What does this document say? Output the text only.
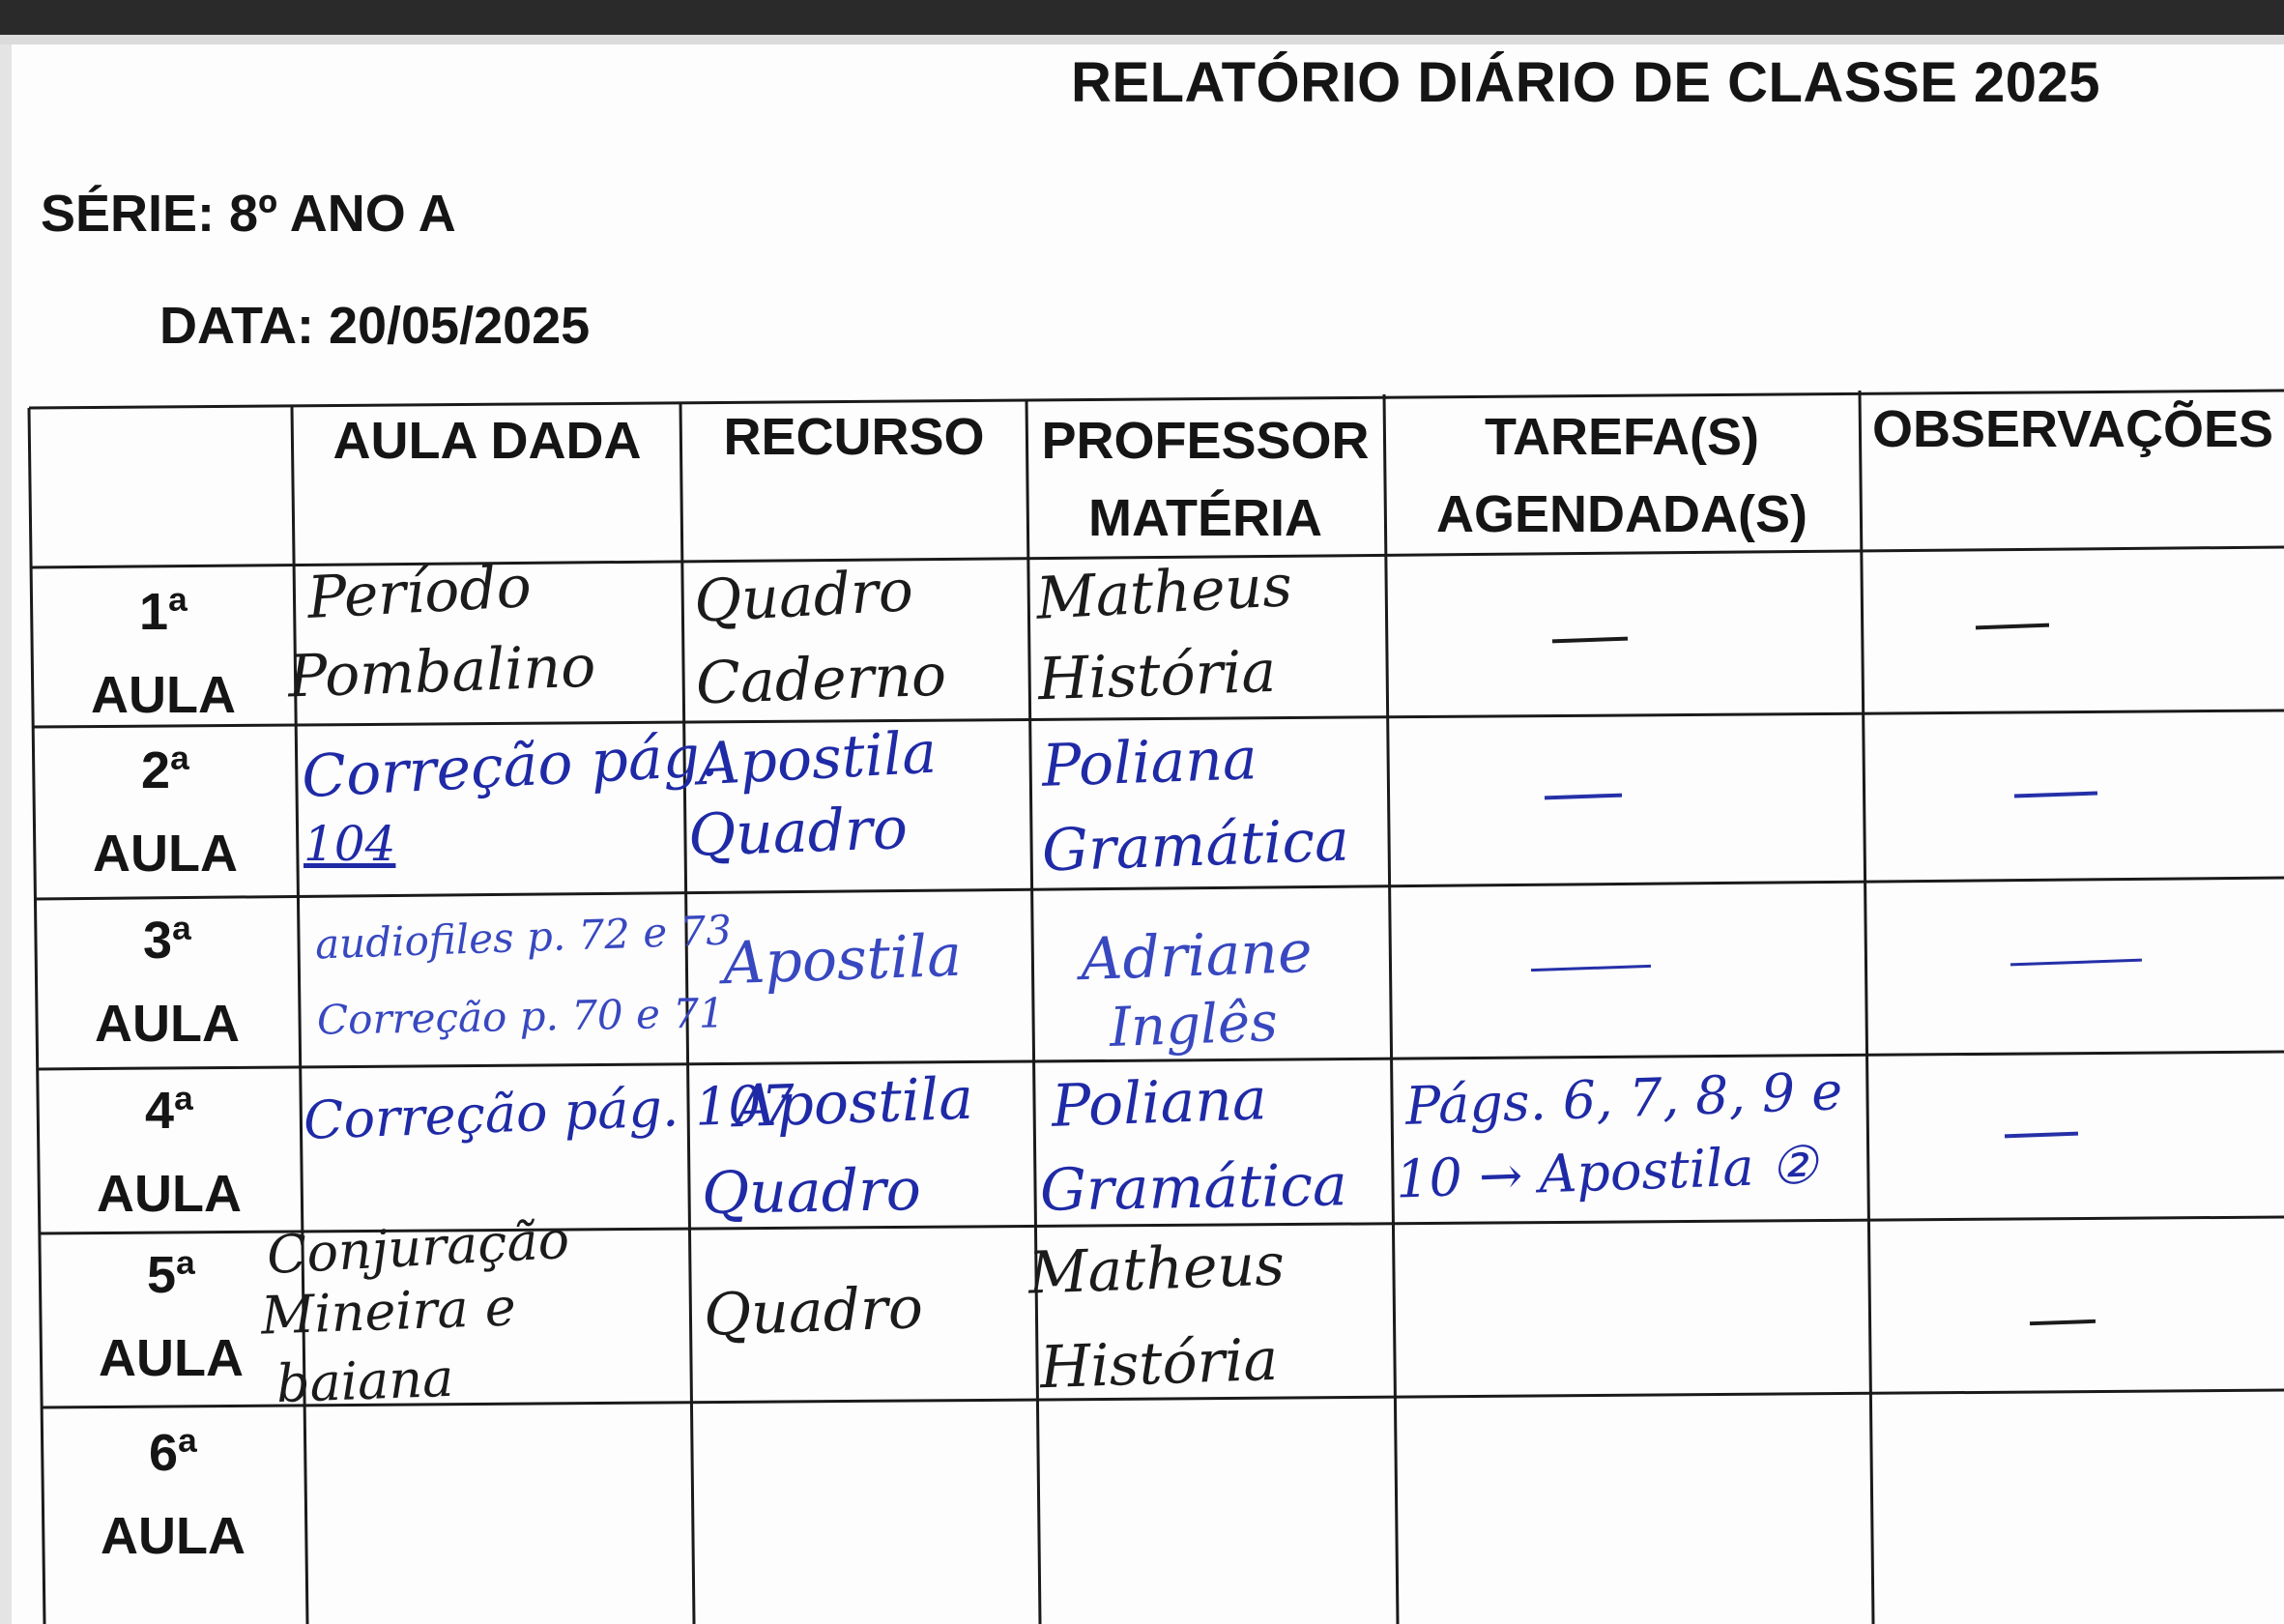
RELATÓRIO DIÁRIO DE CLASSE 2025
SÉRIE: 8º ANO A
DATA: 20/05/2025
AULA DADA RECURSO PROFESSOR
MATÉRIA
TAREFA(S)
AGENDADA(S)
OBSERVAÇÕES
1ª
AULA
2ª
AULA
3ª
AULA
4ª
AULA
5ª
AULA
6ª
AULA
Período
Pombalino
Quadro
Caderno
Matheus
História
Correção pág.
104
Apostila
Quadro
Poliana
Gramática
audiofiles p. 72 e 73
Correção p. 70 e 71
Apostila Adriane
Inglês
Correção pág. 107
Apostila
Quadro
Poliana
Gramática
Págs. 6, 7, 8, 9 e
10 → Apostila ②
Conjuração
Mineira e
baiana
Quadro
Matheus
História
